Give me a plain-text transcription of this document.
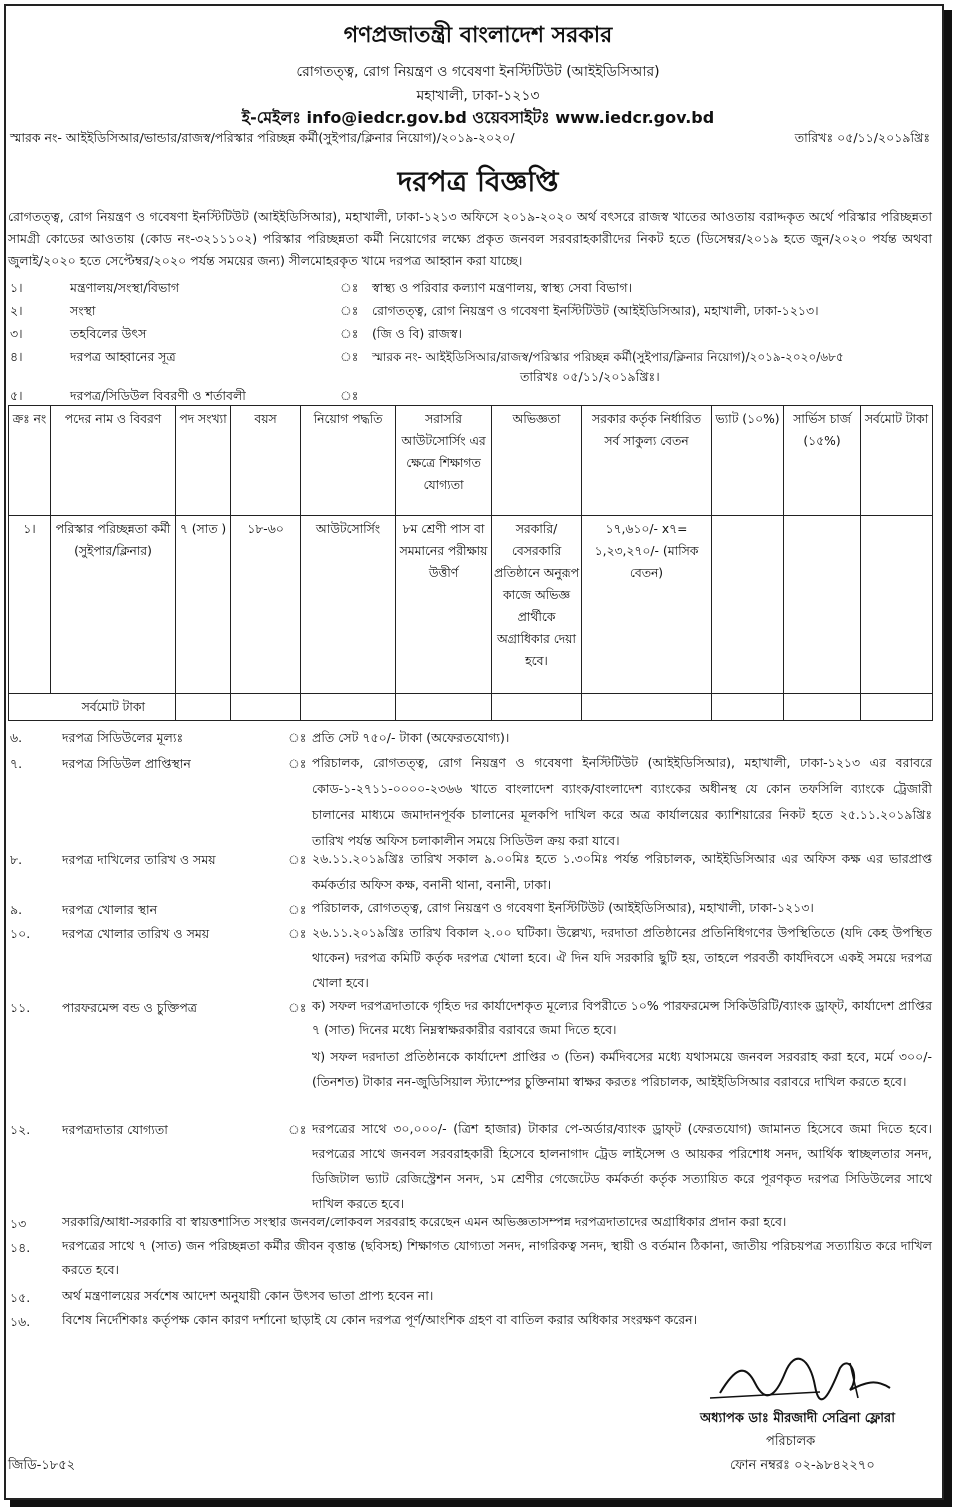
গণপ্রজাতন্ত্রী বাংলাদেশ সরকার
রোগতত্ত্ব, রোগ নিয়ন্ত্রণ ও গবেষণা ইনস্টিটিউট (আইইডিসিআর)
মহাখালী, ঢাকা-১২১৩
ই-মেইলঃ info@iedcr.gov.bd ওয়েবসাইটঃ www.iedcr.gov.bd
স্মারক নং- আইইডিসিআর/ভান্ডার/রাজস্ব/পরিস্কার পরিচ্ছন্ন কর্মী(সুইপার/ক্লিনার নিয়োগ)/২০১৯-২০২০/	তারিখঃ ০৫/১১/২০১৯খ্রিঃ
দরপত্র বিজ্ঞপ্তি
রোগতত্ত্ব, রোগ নিয়ন্ত্রণ ও গবেষণা ইনস্টিটিউট (আইইডিসিআর), মহাখালী, ঢাকা-১২১৩ অফিসে ২০১৯-২০২০ অর্থ বৎসরে রাজস্ব খাতের আওতায় বরাদ্দকৃত অর্থে পরিস্কার পরিচ্ছন্নতা সামগ্রী কোডের আওতায় (কোড নং-৩২১১১০২) পরিস্কার পরিচ্ছন্নতা কর্মী নিয়োগের লক্ষ্যে প্রকৃত জনবল সরবরাহকারীদের নিকট হতে (ডিসেম্বর/২০১৯ হতে জুন/২০২০ পর্যন্ত অথবা জুলাই/২০২০ হতে সেপ্টেম্বর/২০২০ পর্যন্ত সময়ের জন্য) সীলমোহরকৃত খামে দরপত্র আহ্বান করা যাচ্ছে।
১।	মন্ত্রণালয়/সংস্থা/বিভাগ	ঃ স্বাস্থ্য ও পরিবার কল্যাণ মন্ত্রণালয়, স্বাস্থ্য সেবা বিভাগ।
২।	সংস্থা	ঃ রোগতত্ত্ব, রোগ নিয়ন্ত্রণ ও গবেষণা ইনস্টিটিউট (আইইডিসিআর), মহাখালী, ঢাকা-১২১৩।
৩।	তহবিলের উৎস	ঃ (জি ও বি) রাজস্ব।
৪।	দরপত্র আহ্বানের সূত্র	ঃ স্মারক নং- আইইডিসিআর/রাজস্ব/পরিস্কার পরিচ্ছন্ন কর্মী(সুইপার/ক্লিনার নিয়োগ)/২০১৯-২০২০/৬৮৫
তারিখঃ ০৫/১১/২০১৯খ্রিঃ।
৫।	দরপত্র/সিডিউল বিবরণী ও শর্তাবলী	ঃ
ক্রঃ নং	পদের নাম ও বিবরণ	পদ সংখ্যা	বয়স	নিয়োগ পদ্ধতি	সরাসরি আউটসোর্সিং এর ক্ষেত্রে শিক্ষাগত যোগ্যতা	অভিজ্ঞতা	সরকার কর্তৃক নির্ধারিত সর্ব সাকুল্য বেতন	ভ্যাট (১০%)	সার্ভিস চার্জ (১৫%)	সর্বমোট টাকা
১।	পরিস্কার পরিচ্ছন্নতা কর্মী (সুইপার/ক্লিনার)	৭ (সাত )	১৮-৬০	আউটসোর্সিং	৮ম শ্রেণী পাস বা সমমানের পরীক্ষায় উত্তীর্ণ	সরকারি/ বেসরকারি প্রতিষ্ঠানে অনুরূপ কাজে অভিজ্ঞ প্রার্থীকে অগ্রাধিকার দেয়া হবে।	১৭,৬১০/- x৭= ১,২৩,২৭০/- (মাসিক বেতন)			
সর্বমোট টাকা										
৬.	দরপত্র সিডিউলের মূল্যঃ	ঃ প্রতি সেট ৭৫০/- টাকা (অফেরতযোগ্য)।
৭.	দরপত্র সিডিউল প্রাপ্তিস্থান	ঃ পরিচালক, রোগতত্ত্ব, রোগ নিয়ন্ত্রণ ও গবেষণা ইনস্টিটিউট (আইইডিসিআর), মহাখালী, ঢাকা-১২১৩ এর বরাবরে কোড-১-২৭১১-০০০০-২৩৬৬ খাতে বাংলাদেশ ব্যাংক/বাংলাদেশ ব্যাংকের অধীনস্থ যে কোন তফসিলি ব্যাংকে ট্রেজারী চালানের মাধ্যমে জমাদানপূর্বক চালানের মূলকপি দাখিল করে অত্র কার্যালয়ের ক্যাশিয়ারের নিকট হতে ২৫.১১.২০১৯খ্রিঃ তারিখ পর্যন্ত অফিস চলাকালীন সময়ে সিডিউল ক্রয় করা যাবে।
৮.	দরপত্র দাখিলের তারিখ ও সময়	ঃ ২৬.১১.২০১৯খ্রিঃ তারিখ সকাল ৯.০০মিঃ হতে ১.৩০মিঃ পর্যন্ত পরিচালক, আইইডিসিআর এর অফিস কক্ষ এর ভারপ্রাপ্ত কর্মকর্তার অফিস কক্ষ, বনানী থানা, বনানী, ঢাকা।
৯.	দরপত্র খোলার স্থান	ঃ পরিচালক, রোগতত্ত্ব, রোগ নিয়ন্ত্রণ ও গবেষণা ইনস্টিটিউট (আইইডিসিআর), মহাখালী, ঢাকা-১২১৩।
১০.	দরপত্র খোলার তারিখ ও সময়	ঃ ২৬.১১.২০১৯খ্রিঃ তারিখ বিকাল ২.০০ ঘটিকা। উল্লেখ্য, দরদাতা প্রতিষ্ঠানের প্রতিনিধিগণের উপস্থিতিতে (যদি কেহ উপস্থিত থাকেন) দরপত্র কমিটি কর্তৃক দরপত্র খোলা হবে। ঐ দিন যদি সরকারি ছুটি হয়, তাহলে পরবর্তী কার্যদিবসে একই সময়ে দরপত্র খোলা হবে।
১১.	পারফরমেন্স বন্ড ও চুক্তিপত্র	ঃ ক) সফল দরপত্রদাতাকে গৃহিত দর কার্যাদেশকৃত মূল্যের বিপরীতে ১০% পারফরমেন্স সিকিউরিটি/ব্যাংক ড্রাফ্‌ট, কার্যাদেশ প্রাপ্তির ৭ (সাত) দিনের মধ্যে নিম্নস্বাক্ষরকারীর বরাবরে জমা দিতে হবে।
খ) সফল দরদাতা প্রতিষ্ঠানকে কার্যাদেশ প্রাপ্তির ৩ (তিন) কর্মদিবসের মধ্যে যথাসময়ে জনবল সরবরাহ করা হবে, মর্মে ৩০০/- (তিনশত) টাকার নন-জুডিসিয়াল স্ট্যাম্পের চুক্তিনামা স্বাক্ষর করতঃ পরিচালক, আইইডিসিআর বরাবরে দাখিল করতে হবে।
১২.	দরপত্রদাতার যোগ্যতা	ঃ দরপত্রের সাথে ৩০,০০০/- (ত্রিশ হাজার) টাকার পে-অর্ডার/ব্যাংক ড্রাফ্‌ট (ফেরতযোগ) জামানত হিসেবে জমা দিতে হবে। দরপত্রের সাথে জনবল সরবরাহকারী হিসেবে হালনাগাদ ট্রেড লাইসেন্স ও আয়কর পরিশোধ সনদ, আর্থিক স্বাচ্ছলতার সনদ, ডিজিটাল ভ্যাট রেজিস্ট্রেশন সনদ, ১ম শ্রেণীর গেজেটেড কর্মকর্তা কর্তৃক সত্যায়িত করে পূরণকৃত দরপত্র সিডিউলের সাথে দাখিল করতে হবে।
১৩	সরকারি/আধা-সরকারি বা স্বায়ত্তশাসিত সংস্থার জনবল/লোকবল সরবরাহ করেছেন এমন অভিজ্ঞতাসম্পন্ন দরপত্রদাতাদের অগ্রাধিকার প্রদান করা হবে।
১৪.	দরপত্রের সাথে ৭ (সাত) জন পরিচ্ছন্নতা কর্মীর জীবন বৃত্তান্ত (ছবিসহ) শিক্ষাগত যোগ্যতা সনদ, নাগরিকত্ব সনদ, স্থায়ী ও বর্তমান ঠিকানা, জাতীয় পরিচয়পত্র সত্যায়িত করে দাখিল করতে হবে।
১৫.	অর্থ মন্ত্রণালয়ের সর্বশেষ আদেশ অনুযায়ী কোন উৎসব ভাতা প্রাপ্য হবেন না।
১৬.	বিশেষ নির্দেশিকাঃ কর্তৃপক্ষ কোন কারণ দর্শানো ছাড়াই যে কোন দরপত্র পূর্ণ/আংশিক গ্রহণ বা বাতিল করার অধিকার সংরক্ষণ করেন।
অধ্যাপক ডাঃ মীরজাদী সেব্রিনা ফ্লোরা
পরিচালক
জিডি-১৮৫২	ফোন নম্বরঃ ০২-৯৮৪২২৭০
